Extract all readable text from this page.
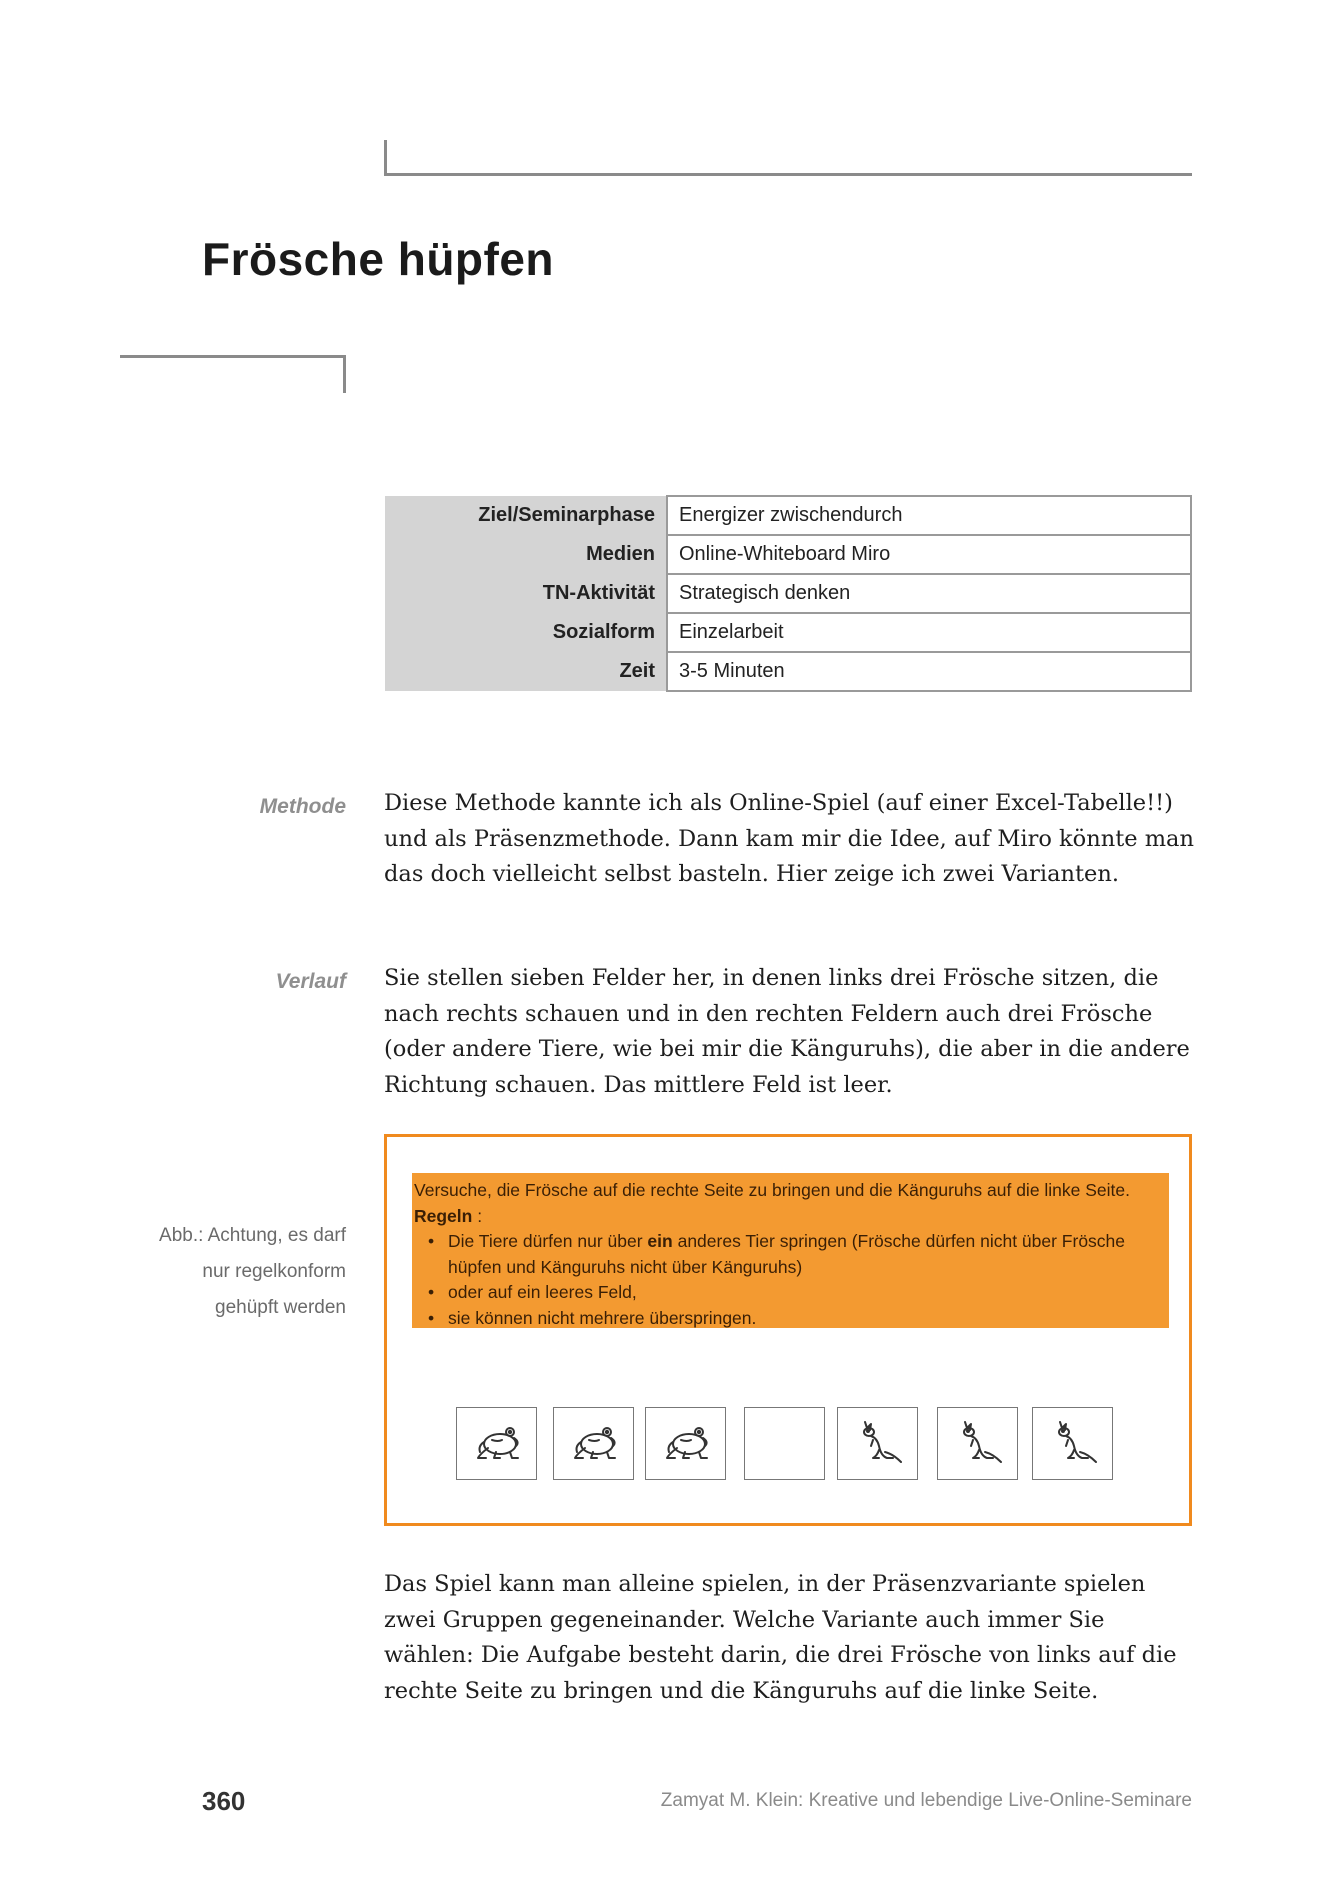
Frösche hüpfen
Ziel/Seminarphase	Energizer zwischendurch
Medien	Online-Whiteboard Miro
TN-Aktivität	Strategisch denken
Sozialform	Einzelarbeit
Zeit	3-5 Minuten
Methode Diese Methode kannte ich als Online-Spiel (auf einer Excel-Tabelle!!) und als Präsenzmethode. Dann kam mir die Idee, auf Miro könnte man das doch vielleicht selbst basteln. Hier zeige ich zwei Varianten.
Verlauf Sie stellen sieben Felder her, in denen links drei Frösche sitzen, die nach rechts schauen und in den rechten Feldern auch drei Frösche (oder andere Tiere, wie bei mir die Känguruhs), die aber in die andere Richtung schauen. Das mittlere Feld ist leer.
Abb.: Achtung, es darf
nur regelkonform
gehüpft werden
Versuche, die Frösche auf die rechte Seite zu bringen und die Känguruhs auf die linke Seite.
Regeln :
• Die Tiere dürfen nur über ein anderes Tier springen (Frösche dürfen nicht über Frösche hüpfen und Känguruhs nicht über Känguruhs)
• oder auf ein leeres Feld,
• sie können nicht mehrere überspringen.
Das Spiel kann man alleine spielen, in der Präsenzvariante spielen zwei Gruppen gegeneinander. Welche Variante auch immer Sie wählen: Die Aufgabe besteht darin, die drei Frösche von links auf die rechte Seite zu bringen und die Känguruhs auf die linke Seite.
360	Zamyat M. Klein: Kreative und lebendige Live-Online-Seminare
